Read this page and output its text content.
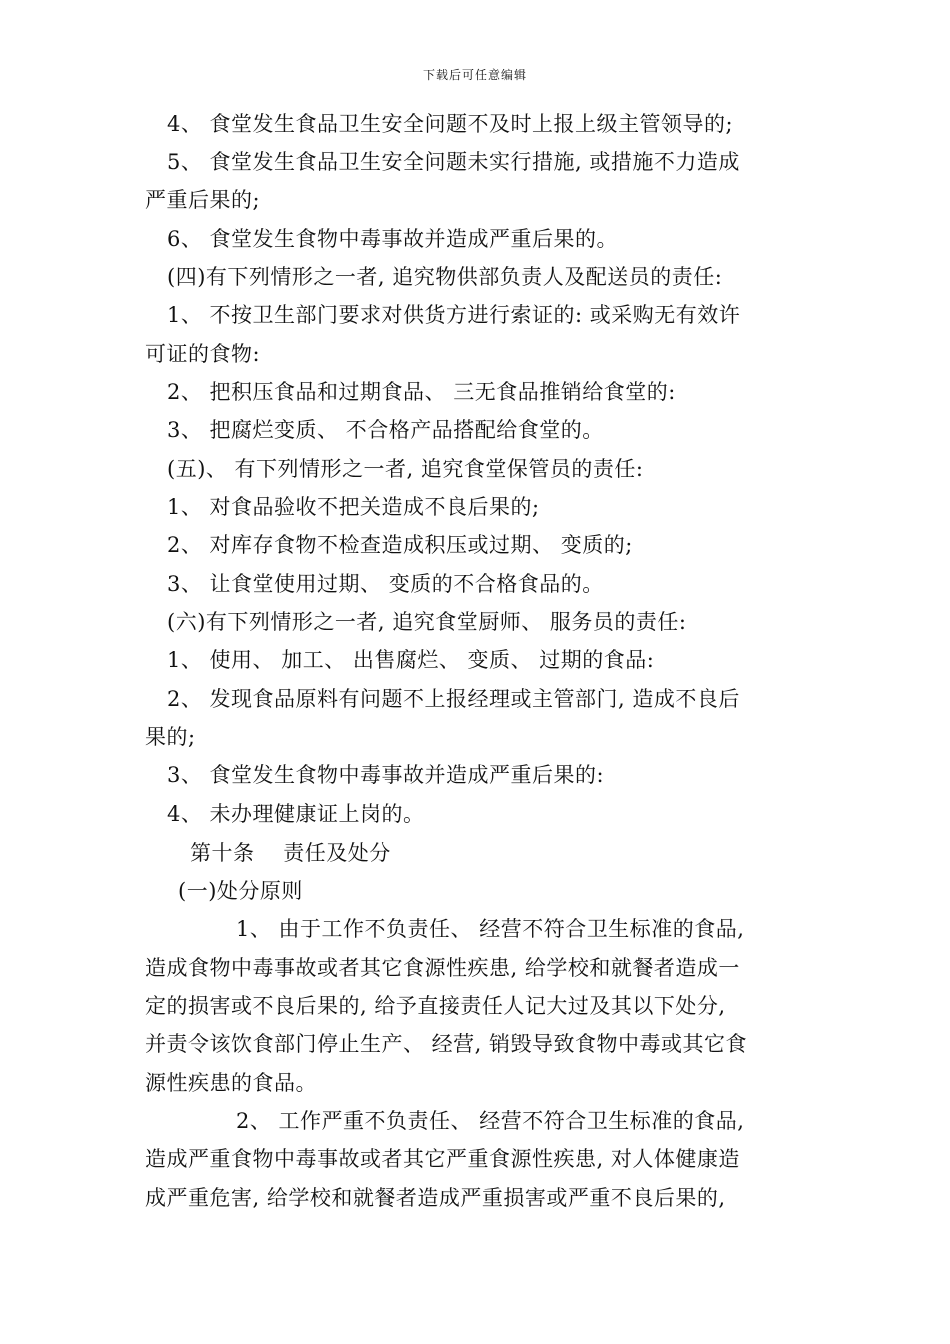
下载后可任意编辑
4、 食堂发生食品卫生安全问题不及时上报上级主管领导的;
5、 食堂发生食品卫生安全问题未实行措施, 或措施不力造成
严重后果的;
6、 食堂发生食物中毒事故并造成严重后果的。
(四)有下列情形之一者, 追究物供部负责人及配送员的责任:
1、 不按卫生部门要求对供货方进行索证的: 或采购无有效许
可证的食物:
2、 把积压食品和过期食品、 三无食品推销给食堂的:
3、 把腐烂变质、 不合格产品搭配给食堂的。
(五)、 有下列情形之一者, 追究食堂保管员的责任:
1、 对食品验收不把关造成不良后果的;
2、 对库存食物不检查造成积压或过期、 变质的;
3、 让食堂使用过期、 变质的不合格食品的。
(六)有下列情形之一者, 追究食堂厨师、 服务员的责任:
1、 使用、 加工、 出售腐烂、 变质、 过期的食品:
2、 发现食品原料有问题不上报经理或主管部门, 造成不良后
果的;
3、 食堂发生食物中毒事故并造成严重后果的:
4、 未办理健康证上岗的。
第十条    责任及处分
(一)处分原则
1、 由于工作不负责任、 经营不符合卫生标准的食品,
造成食物中毒事故或者其它食源性疾患, 给学校和就餐者造成一
定的损害或不良后果的, 给予直接责任人记大过及其以下处分,
并责令该饮食部门停止生产、 经营, 销毁导致食物中毒或其它食
源性疾患的食品。
2、 工作严重不负责任、 经营不符合卫生标准的食品,
造成严重食物中毒事故或者其它严重食源性疾患, 对人体健康造
成严重危害, 给学校和就餐者造成严重损害或严重不良后果的,
